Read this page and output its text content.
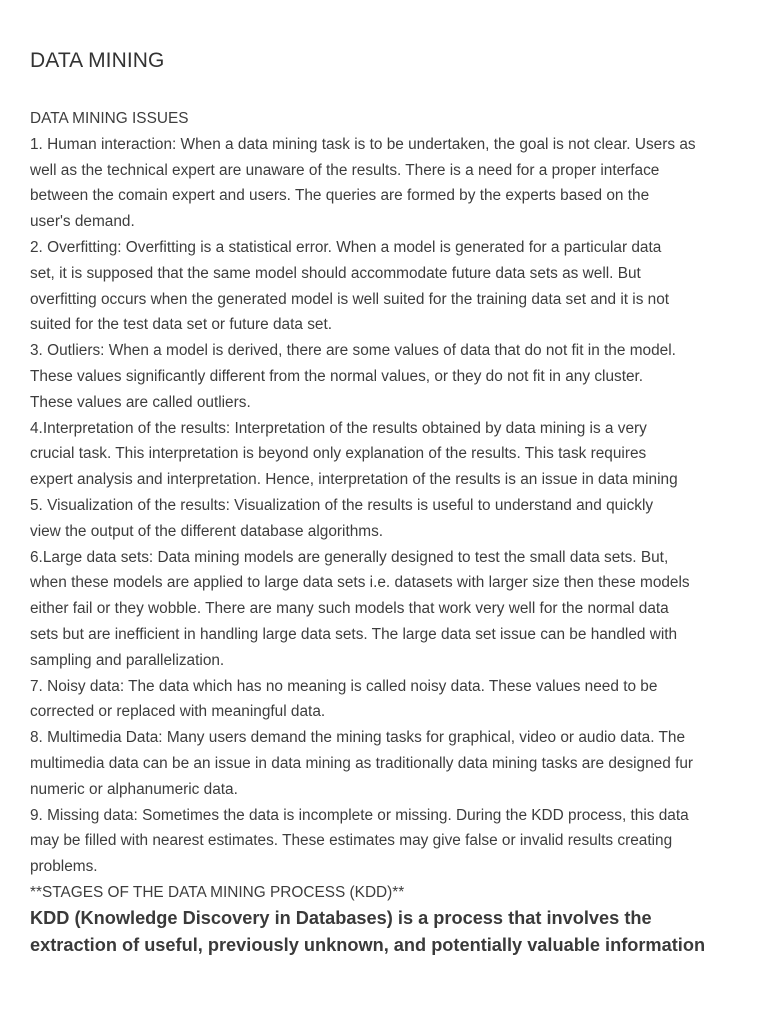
DATA MINING
DATA MINING ISSUES
1. Human interaction: When a data mining task is to be undertaken, the goal is not clear. Users as
well as the technical expert are unaware of the results. There is a need for a proper interface
between the comain expert and users. The queries are formed by the experts based on the
user's demand.
2. Overfitting: Overfitting is a statistical error. When a model is generated for a particular data
set, it is supposed that the same model should accommodate future data sets as well. But
overfitting occurs when the generated model is well suited for the training data set and it is not
suited for the test data set or future data set.
3. Outliers: When a model is derived, there are some values of data that do not fit in the model.
These values significantly different from the normal values, or they do not fit in any cluster.
These values are called outliers.
4.Interpretation of the results: Interpretation of the results obtained by data mining is a very
crucial task. This interpretation is beyond only explanation of the results. This task requires
expert analysis and interpretation. Hence, interpretation of the results is an issue in data mining
5. Visualization of the results: Visualization of the results is useful to understand and quickly
view the output of the different database algorithms.
6.Large data sets: Data mining models are generally designed to test the small data sets. But,
when these models are applied to large data sets i.e. datasets with larger size then these models
either fail or they wobble. There are many such models that work very well for the normal data
sets but are inefficient in handling large data sets. The large data set issue can be handled with
sampling and parallelization.
7. Noisy data: The data which has no meaning is called noisy data. These values need to be
corrected or replaced with meaningful data.
8. Multimedia Data: Many users demand the mining tasks for graphical, video or audio data. The
multimedia data can be an issue in data mining as traditionally data mining tasks are designed fur
numeric or alphanumeric data.
9. Missing data: Sometimes the data is incomplete or missing. During the KDD process, this data
may be filled with nearest estimates. These estimates may give false or invalid results creating
problems.
**STAGES OF THE DATA MINING PROCESS (KDD)**
KDD (Knowledge Discovery in Databases) is a process that involves the
extraction of useful, previously unknown, and potentially valuable information
